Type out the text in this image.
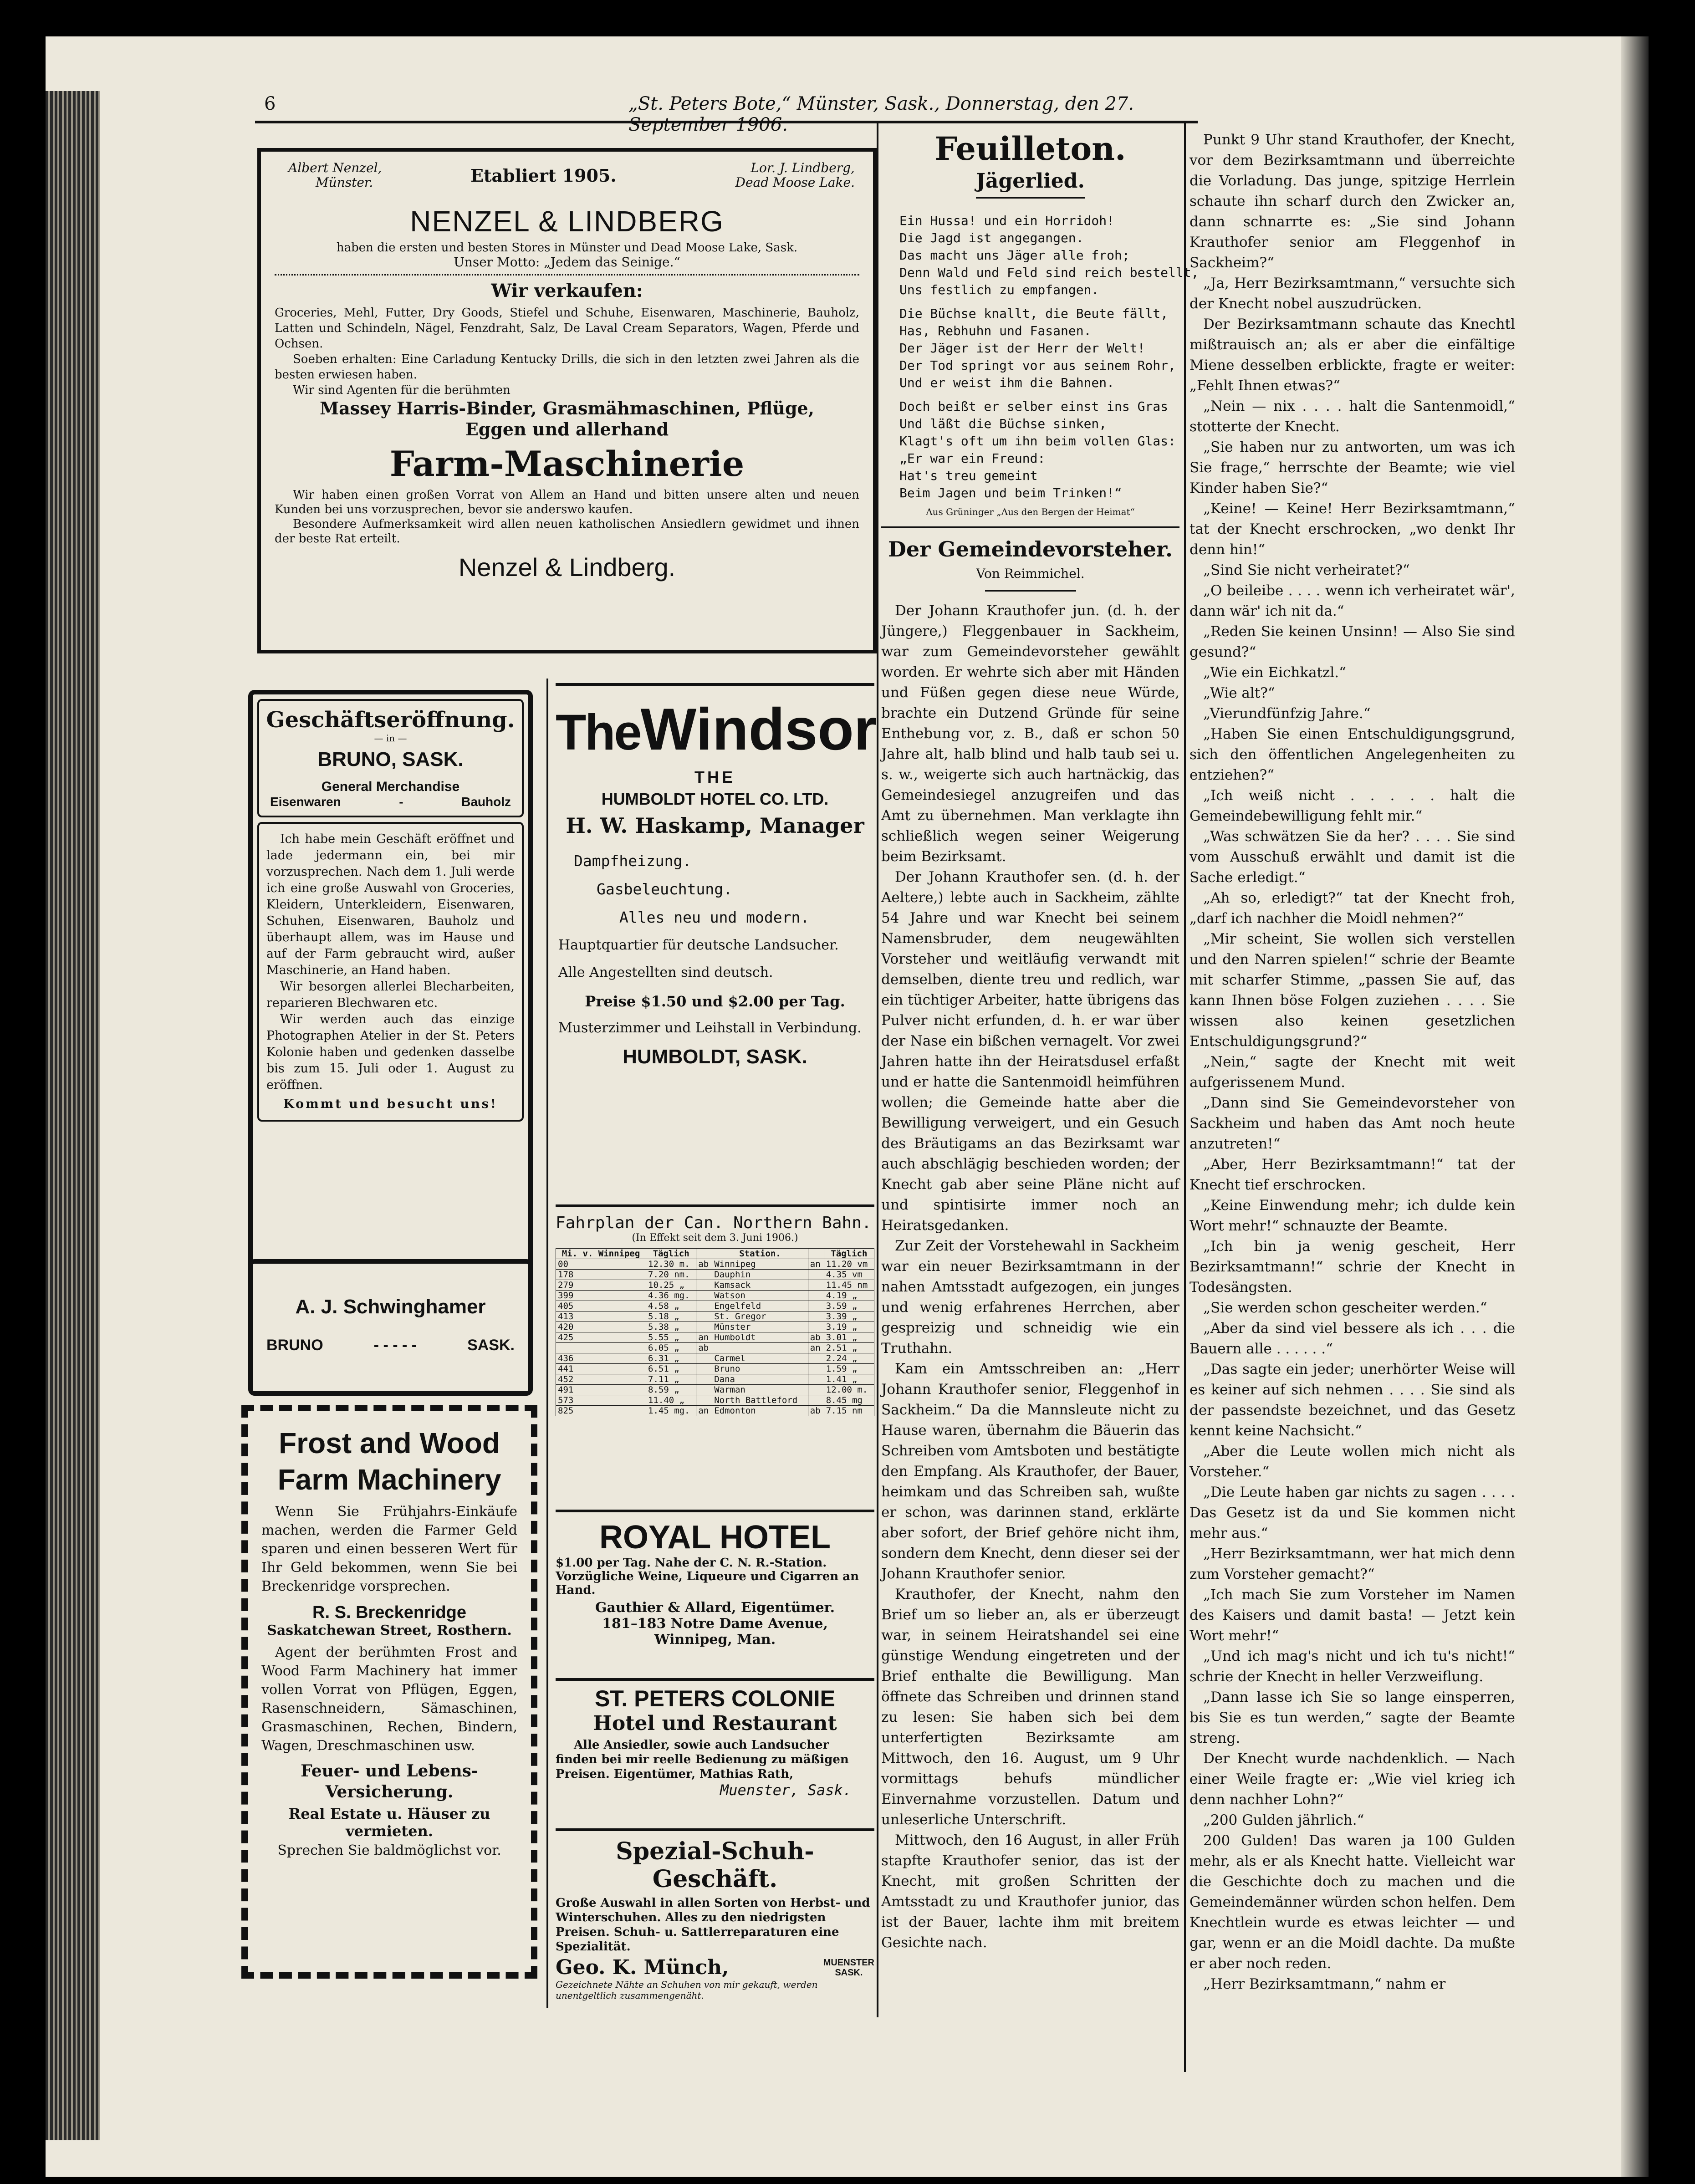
6	„St. Peters Bote,“ Münster, Sask., Donnerstag, den 27. September 1906.
Albert Nenzel,
Münster.	Etabliert 1905.	Lor. J. Lindberg,
Dead Moose Lake.
NENZEL & LINDBERG
haben die ersten und besten Stores in Münster und Dead Moose Lake, Sask.
Unser Motto: „Jedem das Seinige.“
Wir verkaufen:
Groceries, Mehl, Futter, Dry Goods, Stiefel und Schuhe, Eisenwaren, Maschinerie, Bauholz, Latten und Schindeln, Nägel, Fenzdraht, Salz, De Laval Cream Separators, Wagen, Pferde und Ochsen.
Soeben erhalten: Eine Carladung Kentucky Drills, die sich in den letzten zwei Jahren als die besten erwiesen haben.
Wir sind Agenten für die berühmten
Massey Harris-Binder, Grasmähmaschinen, Pflüge, Eggen und allerhand
Farm-Maschinerie
Wir haben einen großen Vorrat von Allem an Hand und bitten unsere alten und neuen Kunden bei uns vorzusprechen, bevor sie anderswo kaufen.
Besondere Aufmerksamkeit wird allen neuen katholischen Ansiedlern gewidmet und ihnen der beste Rat erteilt.
Nenzel & Lindberg.
Geschäftseröffnung.
— in —
BRUNO, SASK.
General Merchandise
Eisenwaren	-	Bauholz

Ich habe mein Geschäft eröffnet und lade jedermann ein, bei mir vorzusprechen. Nach dem 1. Juli werde ich eine große Auswahl von Groceries, Kleidern, Unterkleidern, Eisenwaren, Schuhen, Eisenwaren, Bauholz und überhaupt allem, was im Hause und auf der Farm gebraucht wird, außer Maschinerie, an Hand haben.

Wir besorgen allerlei Blecharbeiten, reparieren Blechwaren etc.

Wir werden auch das einzige Photographen Atelier in der St. Peters Kolonie haben und gedenken dasselbe bis zum 15. Juli oder 1. August zu eröffnen.

Kommt und besucht uns!

A. J. Schwinghamer
BRUNO	- - - - -	SASK.
Frost and Wood
Farm Machinery
Wenn Sie Frühjahrs-Einkäufe machen, werden die Farmer Geld sparen und einen besseren Wert für Ihr Geld bekommen, wenn Sie bei Breckenridge vorsprechen.
R. S. Breckenridge
Saskatchewan Street, Rosthern.
Agent der berühmten Frost and Wood Farm Machinery hat immer vollen Vorrat von Pflügen, Eggen, Rasenschneidern, Sämaschinen, Grasmaschinen, Rechen, Bindern, Wagen, Dreschmaschinen usw.
Feuer- und Lebens-Versicherung.
Real Estate u. Häuser zu vermieten.
Sprechen Sie baldmöglichst vor.
TheWindsor
THE
HUMBOLDT HOTEL CO. LTD.
H. W. Haskamp, Manager
Dampfheizung.
Gasbeleuchtung.
Alles neu und modern.
Hauptquartier für deutsche Landsucher.
Alle Angestellten sind deutsch.
Preise $1.50 und $2.00 per Tag.
Musterzimmer und Leihstall in Verbindung.
HUMBOLDT, SASK.
Fahrplan der Can. Northern Bahn.
(In Effekt seit dem 3. Juni 1906.)
Mi. v. Winnipeg	Täglich		Station.		Täglich
00	12.30 m.	ab	Winnipeg	an	11.20 vm
178	7.20 nm.		Dauphin		4.35 vm
279	10.25 „		Kamsack		11.45 nm
399	4.36 mg.		Watson		4.19 „
405	4.58 „		Engelfeld		3.59 „
413	5.18 „		St. Gregor		3.39 „
420	5.38 „		Münster		3.19 „
425	5.55 „	an	Humboldt	ab	3.01 „
	6.05 „	ab		an	2.51 „
436	6.31 „		Carmel		2.24 „
441	6.51 „		Bruno		1.59 „
452	7.11 „		Dana		1.41 „
491	8.59 „		Warman		12.00 m.
573	11.40 „		North Battleford		8.45 mg
825	1.45 mg.	an	Edmonton	ab	7.15 nm
ROYAL HOTEL
$1.00 per Tag. Nahe der C. N. R.-Station. Vorzügliche Weine, Liqueure und Cigarren an Hand.
Gauthier & Allard, Eigentümer.
181–183 Notre Dame Avenue,
Winnipeg, Man.
ST. PETERS COLONIE
Hotel und Restaurant
Alle Ansiedler, sowie auch Landsucher finden bei mir reelle Bedienung zu mäßigen Preisen. Eigentümer, Mathias Rath,
Muenster, Sask.
Spezial-Schuh-Geschäft.
Große Auswahl in allen Sorten von Herbst- und Winterschuhen. Alles zu den niedrigsten Preisen. Schuh- u. Sattlerreparaturen eine Spezialität.
Geo. K. Münch,	MUENSTER
SASK.
Gezeichnete Nähte an Schuhen von mir gekauft, werden unentgeltlich zusammengenäht.
Feuilleton.
Jägerlied.
Ein Hussa! und ein Horridoh!
Die Jagd ist angegangen.
Das macht uns Jäger alle froh;
Denn Wald und Feld sind reich bestellt,
Uns festlich zu empfangen.
Die Büchse knallt, die Beute fällt,
Has, Rebhuhn und Fasanen.
Der Jäger ist der Herr der Welt!
Der Tod springt vor aus seinem Rohr,
Und er weist ihm die Bahnen.
Doch beißt er selber einst ins Gras
Und läßt die Büchse sinken,
Klagt's oft um ihn beim vollen Glas:
„Er war ein Freund:
Hat's treu gemeint
Beim Jagen und beim Trinken!“
Aus Grüninger „Aus den Bergen der Heimat“
Der Gemeindevorsteher.
Von Reimmichel.

Der Johann Krauthofer jun. (d. h. der Jüngere,) Fleggenbauer in Sackheim, war zum Gemeindevorsteher gewählt worden. Er wehrte sich aber mit Händen und Füßen gegen diese neue Würde, brachte ein Dutzend Gründe für seine Enthebung vor, z. B., daß er schon 50 Jahre alt, halb blind und halb taub sei u. s. w., weigerte sich auch hartnäckig, das Gemeindesiegel anzugreifen und das Amt zu übernehmen. Man verklagte ihn schließlich wegen seiner Weigerung beim Bezirksamt.

Der Johann Krauthofer sen. (d. h. der Aeltere,) lebte auch in Sackheim, zählte 54 Jahre und war Knecht bei seinem Namensbruder, dem neugewählten Vorsteher und weitläufig verwandt mit demselben, diente treu und redlich, war ein tüchtiger Arbeiter, hatte übrigens das Pulver nicht erfunden, d. h. er war über der Nase ein bißchen vernagelt. Vor zwei Jahren hatte ihn der Heiratsdusel erfaßt und er hatte die Santenmoidl heimführen wollen; die Gemeinde hatte aber die Bewilligung verweigert, und ein Gesuch des Bräutigams an das Bezirksamt war auch abschlägig beschieden worden; der Knecht gab aber seine Pläne nicht auf und spintisirte immer noch an Heiratsgedanken.

Zur Zeit der Vorstehewahl in Sackheim war ein neuer Bezirksamtmann in der nahen Amtsstadt aufgezogen, ein junges und wenig erfahrenes Herrchen, aber gespreizig und schneidig wie ein Truthahn.

Kam ein Amtsschreiben an: „Herr Johann Krauthofer senior, Fleggenhof in Sackheim.“ Da die Mannsleute nicht zu Hause waren, übernahm die Bäuerin das Schreiben vom Amtsboten und bestätigte den Empfang. Als Krauthofer, der Bauer, heimkam und das Schreiben sah, wußte er schon, was darinnen stand, erklärte aber sofort, der Brief gehöre nicht ihm, sondern dem Knecht, denn dieser sei der Johann Krauthofer senior.

Krauthofer, der Knecht, nahm den Brief um so lieber an, als er überzeugt war, in seinem Heiratshandel sei eine günstige Wendung eingetreten und der Brief enthalte die Bewilligung. Man öffnete das Schreiben und drinnen stand zu lesen: Sie haben sich bei dem unterfertigten Bezirksamte am Mittwoch, den 16. August, um 9 Uhr vormittags behufs mündlicher Einvernahme vorzustellen. Datum und unleserliche Unterschrift.

Mittwoch, den 16 August, in aller Früh stapfte Krauthofer senior, das ist der Knecht, mit großen Schritten der Amtsstadt zu und Krauthofer junior, das ist der Bauer, lachte ihm mit breitem Gesichte nach.

Punkt 9 Uhr stand Krauthofer, der Knecht, vor dem Bezirksamtmann und überreichte die Vorladung. Das junge, spitzige Herrlein schaute ihn scharf durch den Zwicker an, dann schnarrte es: „Sie sind Johann Krauthofer senior am Fleggenhof in Sackheim?“

„Ja, Herr Bezirksamtmann,“ versuchte sich der Knecht nobel auszudrücken.

Der Bezirksamtmann schaute das Knechtl mißtrauisch an; als er aber die einfältige Miene desselben erblickte, fragte er weiter: „Fehlt Ihnen etwas?“

„Nein — nix . . . . halt die Santenmoidl,“ stotterte der Knecht.

„Sie haben nur zu antworten, um was ich Sie frage,“ herrschte der Beamte; wie viel Kinder haben Sie?“

„Keine! — Keine! Herr Bezirksamtmann,“ tat der Knecht erschrocken, „wo denkt Ihr denn hin!“

„Sind Sie nicht verheiratet?“

„O beileibe . . . . wenn ich verheiratet wär', dann wär' ich nit da.“

„Reden Sie keinen Unsinn! — Also Sie sind gesund?“

„Wie ein Eichkatzl.“

„Wie alt?“

„Vierundfünfzig Jahre.“

„Haben Sie einen Entschuldigungsgrund, sich den öffentlichen Angelegenheiten zu entziehen?“

„Ich weiß nicht . . . . . halt die Gemeindebewilligung fehlt mir.“

„Was schwätzen Sie da her? . . . . Sie sind vom Ausschuß erwählt und damit ist die Sache erledigt.“

„Ah so, erledigt?“ tat der Knecht froh, „darf ich nachher die Moidl nehmen?“

„Mir scheint, Sie wollen sich verstellen und den Narren spielen!“ schrie der Beamte mit scharfer Stimme, „passen Sie auf, das kann Ihnen böse Folgen zuziehen . . . . Sie wissen also keinen gesetzlichen Entschuldigungsgrund?“

„Nein,“ sagte der Knecht mit weit aufgerissenem Mund.

„Dann sind Sie Gemeindevorsteher von Sackheim und haben das Amt noch heute anzutreten!“

„Aber, Herr Bezirksamtmann!“ tat der Knecht tief erschrocken.

„Keine Einwendung mehr; ich dulde kein Wort mehr!“ schnauzte der Beamte.

„Ich bin ja wenig gescheit, Herr Bezirksamtmann!“ schrie der Knecht in Todesängsten.

„Sie werden schon gescheiter werden.“

„Aber da sind viel bessere als ich . . . die Bauern alle . . . . . .“

„Das sagte ein jeder; unerhörter Weise will es keiner auf sich nehmen . . . . Sie sind als der passendste bezeichnet, und das Gesetz kennt keine Nachsicht.“

„Aber die Leute wollen mich nicht als Vorsteher.“

„Die Leute haben gar nichts zu sagen . . . . Das Gesetz ist da und Sie kommen nicht mehr aus.“

„Herr Bezirksamtmann, wer hat mich denn zum Vorsteher gemacht?“

„Ich mach Sie zum Vorsteher im Namen des Kaisers und damit basta! — Jetzt kein Wort mehr!“

„Und ich mag's nicht und ich tu's nicht!“ schrie der Knecht in heller Verzweiflung.

„Dann lasse ich Sie so lange einsperren, bis Sie es tun werden,“ sagte der Beamte streng.

Der Knecht wurde nachdenklich. — Nach einer Weile fragte er: „Wie viel krieg ich denn nachher Lohn?“

„200 Gulden jährlich.“

200 Gulden! Das waren ja 100 Gulden mehr, als er als Knecht hatte. Vielleicht war die Geschichte doch zu machen und die Gemeindemänner würden schon helfen. Dem Knechtlein wurde es etwas leichter — und gar, wenn er an die Moidl dachte. Da mußte er aber noch reden.

„Herr Bezirksamtmann,“ nahm er
